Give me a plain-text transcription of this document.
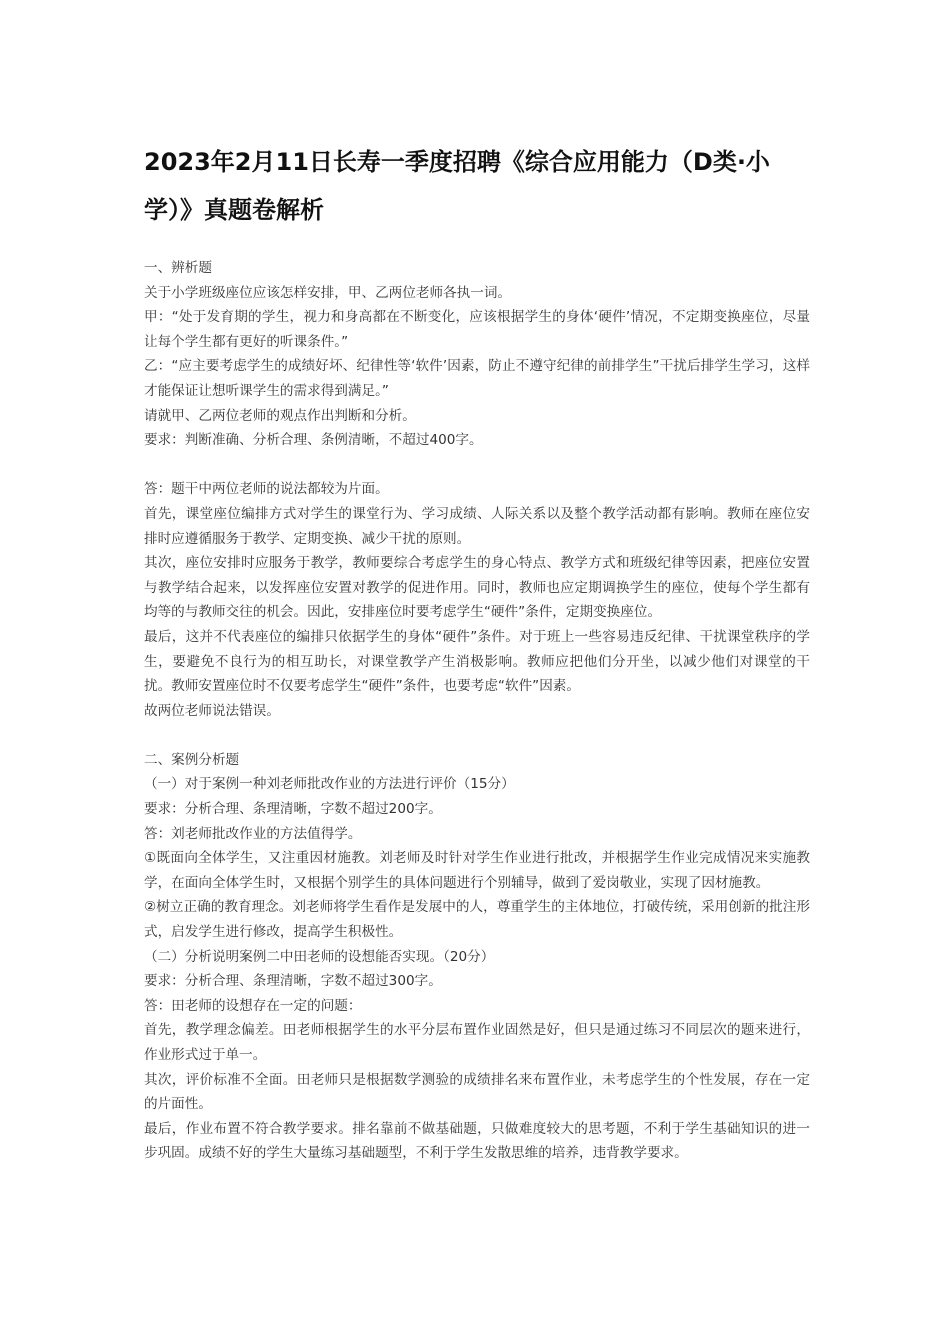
2023年2月11日长寿一季度招聘《综合应用能力（D类·小学）》真题卷解析

一、辨析题

关于小学班级座位应该怎样安排，甲、乙两位老师各执一词。

甲：“处于发育期的学生，视力和身高都在不断变化，应该根据学生的身体‘硬件’情况，不定期变换座位，尽量让每个学生都有更好的听课条件。”

乙：“应主要考虑学生的成绩好坏、纪律性等‘软件’因素，防止不遵守纪律的前排学生”干扰后排学生学习，这样才能保证让想听课学生的需求得到满足。”

请就甲、乙两位老师的观点作出判断和分析。

要求：判断准确、分析合理、条例清晰，不超过400字。

答：题干中两位老师的说法都较为片面。

首先，课堂座位编排方式对学生的课堂行为、学习成绩、人际关系以及整个教学活动都有影响。教师在座位安排时应遵循服务于教学、定期变换、减少干扰的原则。

其次，座位安排时应服务于教学，教师要综合考虑学生的身心特点、教学方式和班级纪律等因素，把座位安置与教学结合起来，以发挥座位安置对教学的促进作用。同时，教师也应定期调换学生的座位，使每个学生都有均等的与教师交往的机会。因此，安排座位时要考虑学生“硬件”条件，定期变换座位。

最后，这并不代表座位的编排只依据学生的身体“硬件”条件。对于班上一些容易违反纪律、干扰课堂秩序的学生，要避免不良行为的相互助长，对课堂教学产生消极影响。教师应把他们分开坐，以减少他们对课堂的干扰。教师安置座位时不仅要考虑学生“硬件”条件，也要考虑“软件”因素。

故两位老师说法错误。

二、案例分析题

（一）对于案例一种刘老师批改作业的方法进行评价（15分）

要求：分析合理、条理清晰，字数不超过200字。

答：刘老师批改作业的方法值得学。

①既面向全体学生，又注重因材施教。刘老师及时针对学生作业进行批改，并根据学生作业完成情况来实施教学，在面向全体学生时，又根据个别学生的具体问题进行个别辅导，做到了爱岗敬业，实现了因材施教。

②树立正确的教育理念。刘老师将学生看作是发展中的人，尊重学生的主体地位，打破传统，采用创新的批注形式，启发学生进行修改，提高学生积极性。

（二）分析说明案例二中田老师的设想能否实现。（20分）

要求：分析合理、条理清晰，字数不超过300字。

答：田老师的设想存在一定的问题：

首先，教学理念偏差。田老师根据学生的水平分层布置作业固然是好，但只是通过练习不同层次的题来进行，作业形式过于单一。

其次，评价标准不全面。田老师只是根据数学测验的成绩排名来布置作业，未考虑学生的个性发展，存在一定的片面性。

最后，作业布置不符合教学要求。排名靠前不做基础题，只做难度较大的思考题，不利于学生基础知识的进一步巩固。成绩不好的学生大量练习基础题型，不利于学生发散思维的培养，违背教学要求。
